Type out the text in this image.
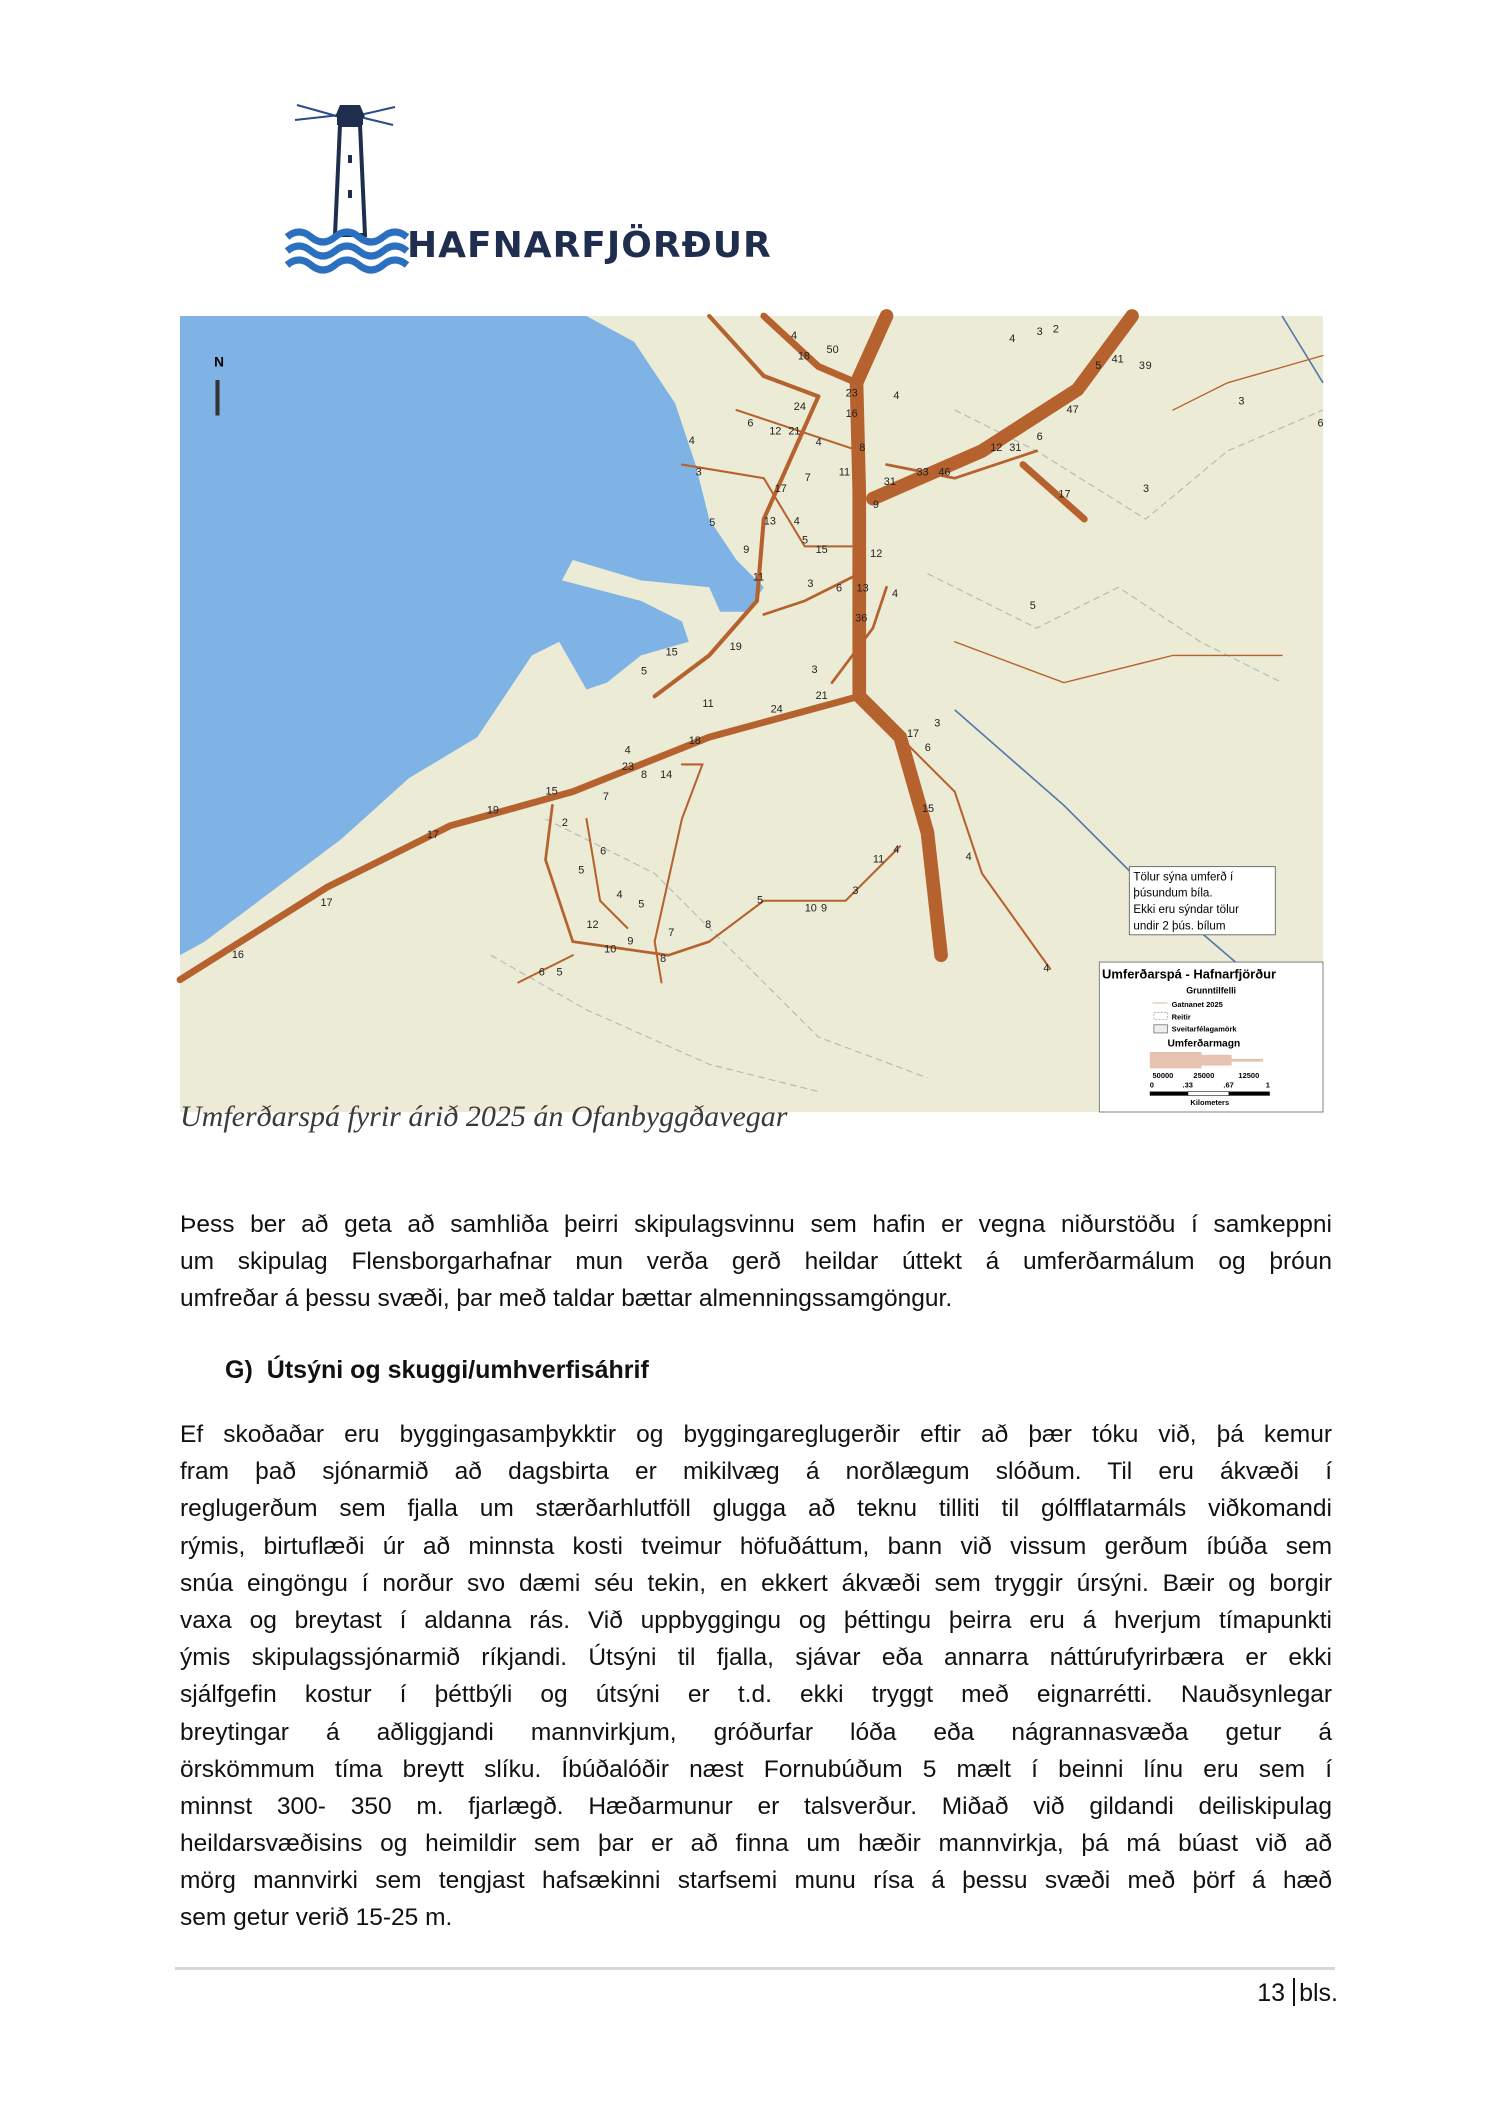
HAFNARFJÖRÐUR
N	18
50
4	4
3 2
5
41
9
4
6
12 21
24
23
16
8
4	12 31
6
47
3
4
31
33 46
17
3	7	11
17
5	4
13
5
9
11
15
3	6 13
12
36
4
15	19
5
21
11	24
3
18
17
6
3
4
23
8 14
15
19
17
17
16
2
7
5
6
4
5
12
10
9
8
6 5
7
8
5
10 9
3
11
4
15
4
4
6
3
5
9
3
Tölur sýna umferð í
þúsundum bíla.
Ekki eru sýndar tölur
undir 2 þús. bílum
Umferðarspá - Hafnarfjörður
Grunntilfelli
Gatnanet 2025
Reitir
Sveitarfélagamörk
Umferðarmagn
50000	25000	12500
0	.33	.67	1
Kilometers
Umferðarspá fyrir árið 2025 án Ofanbyggðavegar
Þess ber að geta að samhliða þeirri skipulagsvinnu sem hafin er vegna niðurstöðu í samkeppni
um skipulag Flensborgarhafnar mun verða gerð heildar úttekt á umferðarmálum og þróun
umfreðar á þessu svæði, þar með taldar bættar almenningssamgöngur.
G) Útsýni og skuggi/umhverfisáhrif
Ef skoðaðar eru byggingasamþykktir og byggingareglugerðir eftir að þær tóku við, þá kemur
fram það sjónarmið að dagsbirta er mikilvæg á norðlægum slóðum. Til eru ákvæði í
reglugerðum sem fjalla um stærðarhlutföll glugga að teknu tilliti til gólfflatarmáls viðkomandi
rýmis, birtuflæði úr að minnsta kosti tveimur höfuðáttum, bann við vissum gerðum íbúða sem
snúa eingöngu í norður svo dæmi séu tekin, en ekkert ákvæði sem tryggir úrsýni. Bæir og borgir
vaxa og breytast í aldanna rás. Við uppbyggingu og þéttingu þeirra eru á hverjum tímapunkti
ýmis skipulagssjónarmið ríkjandi. Útsýni til fjalla, sjávar eða annarra náttúrufyrirbæra er ekki
sjálfgefin kostur í þéttbýli og útsýni er t.d. ekki tryggt með eignarrétti. Nauðsynlegar
breytingar á aðliggjandi mannvirkjum, gróðurfar lóða eða nágrannasvæða getur á
örskömmum tíma breytt slíku. Íbúðalóðir næst Fornubúðum 5 mælt í beinni línu eru sem í
minnst 300- 350 m. fjarlægð. Hæðarmunur er talsverður. Miðað við gildandi deiliskipulag
heildarsvæðisins og heimildir sem þar er að finna um hæðir mannvirkja, þá má búast við að
mörg mannvirki sem tengjast hafsækinni starfsemi munu rísa á þessu svæði með þörf á hæð
sem getur verið 15-25 m.
13 bls.
